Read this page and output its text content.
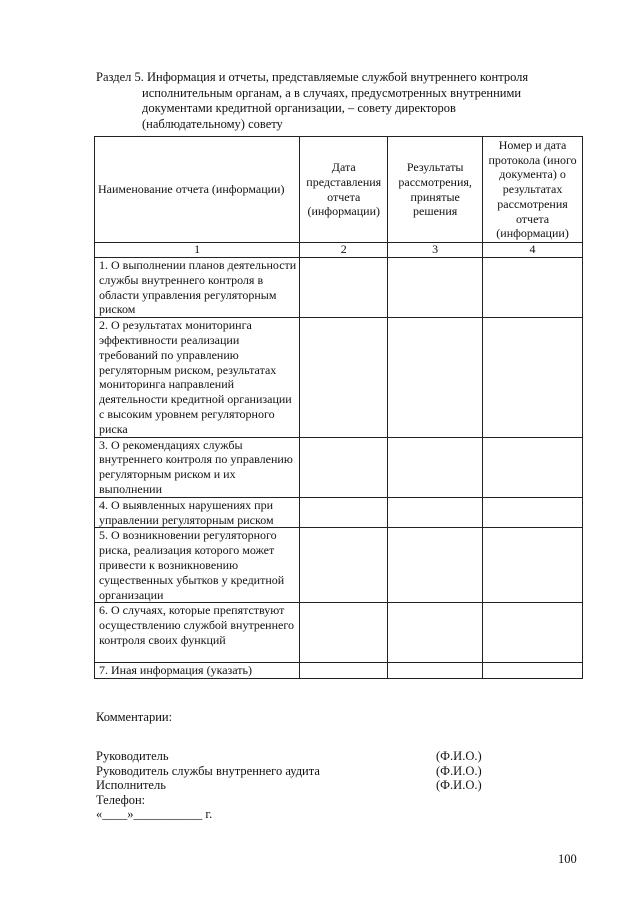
Раздел 5. Информация и отчеты, представляемые службой внутреннего контроля
исполнительным органам, а в случаях, предусмотренных внутренними
документами кредитной организации, – совету директоров
(наблюдательному) совету
Наименование отчета (информации)	Дата представления отчета (информации)	Результаты рассмотрения, принятые решения	Номер и дата протокола (иного документа) о результатах рассмотрения отчета (информации)
1	2	3	4
1. О выполнении планов деятельности службы внутреннего контроля в области управления регуляторным риском			
2. О результатах мониторинга эффективности реализации требований по управлению регуляторным риском, результатах мониторинга направлений деятельности кредитной организации с высоким уровнем регуляторного риска			
3. О рекомендациях службы внутреннего контроля по управлению регуляторным риском и их выполнении			
4. О выявленных нарушениях при управлении регуляторным риском			
5. О возникновении регуляторного риска, реализация которого может привести к возникновению существенных убытков у кредитной организации			
6. О случаях, которые препятствуют осуществлению службой внутреннего контроля своих функций			
7. Иная информация (указать)			
Комментарии:
Руководитель	(Ф.И.О.)
Руководитель службы внутреннего аудита	(Ф.И.О.)
Исполнитель	(Ф.И.О.)
Телефон:
«____»___________ г.
100
